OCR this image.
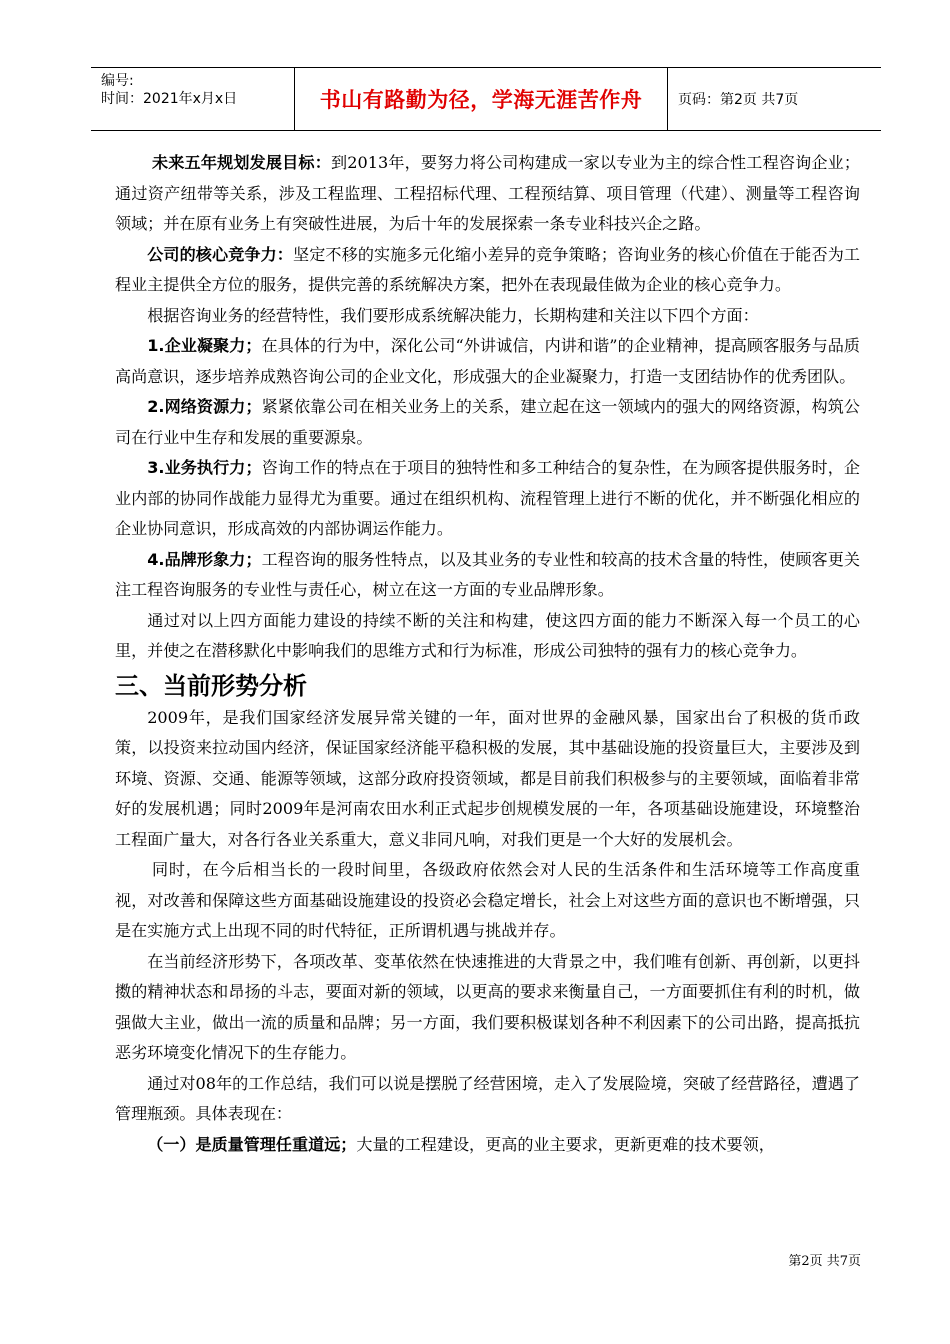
编号:
时间：2021年x月x日	书山有路勤为径，学海无涯苦作舟	页码：第2页 共7页

未来五年规划发展目标：到2013年，要努力将公司构建成一家以专业为主的综合性工程咨询企业；通过资产纽带等关系，涉及工程监理、工程招标代理、工程预结算、项目管理（代建）、测量等工程咨询领域；并在原有业务上有突破性进展，为后十年的发展探索一条专业科技兴企之路。

公司的核心竞争力：坚定不移的实施多元化缩小差异的竞争策略；咨询业务的核心价值在于能否为工程业主提供全方位的服务，提供完善的系统解决方案，把外在表现最佳做为企业的核心竞争力。

根据咨询业务的经营特性，我们要形成系统解决能力，长期构建和关注以下四个方面：

1.企业凝聚力；在具体的行为中，深化公司“外讲诚信，内讲和谐”的企业精神，提高顾客服务与品质高尚意识，逐步培养成熟咨询公司的企业文化，形成强大的企业凝聚力，打造一支团结协作的优秀团队。

2.网络资源力；紧紧依靠公司在相关业务上的关系，建立起在这一领域内的强大的网络资源，构筑公司在行业中生存和发展的重要源泉。

3.业务执行力；咨询工作的特点在于项目的独特性和多工种结合的复杂性，在为顾客提供服务时，企业内部的协同作战能力显得尤为重要。通过在组织机构、流程管理上进行不断的优化，并不断强化相应的企业协同意识，形成高效的内部协调运作能力。

4.品牌形象力；工程咨询的服务性特点，以及其业务的专业性和较高的技术含量的特性，使顾客更关注工程咨询服务的专业性与责任心，树立在这一方面的专业品牌形象。

通过对以上四方面能力建设的持续不断的关注和构建，使这四方面的能力不断深入每一个员工的心里，并使之在潜移默化中影响我们的思维方式和行为标准，形成公司独特的强有力的核心竞争力。

三、当前形势分析

2009年，是我们国家经济发展异常关键的一年，面对世界的金融风暴，国家出台了积极的货币政策，以投资来拉动国内经济，保证国家经济能平稳积极的发展，其中基础设施的投资量巨大，主要涉及到环境、资源、交通、能源等领域，这部分政府投资领域，都是目前我们积极参与的主要领域，面临着非常好的发展机遇；同时2009年是河南农田水利正式起步创规模发展的一年，各项基础设施建设，环境整治工程面广量大，对各行各业关系重大，意义非同凡响，对我们更是一个大好的发展机会。

同时，在今后相当长的一段时间里，各级政府依然会对人民的生活条件和生活环境等工作高度重视，对改善和保障这些方面基础设施建设的投资必会稳定增长，社会上对这些方面的意识也不断增强，只是在实施方式上出现不同的时代特征，正所谓机遇与挑战并存。

在当前经济形势下，各项改革、变革依然在快速推进的大背景之中，我们唯有创新、再创新，以更抖擞的精神状态和昂扬的斗志，要面对新的领域，以更高的要求来衡量自己，一方面要抓住有利的时机，做强做大主业，做出一流的质量和品牌；另一方面，我们要积极谋划各种不利因素下的公司出路，提高抵抗恶劣环境变化情况下的生存能力。

通过对08年的工作总结，我们可以说是摆脱了经营困境，走入了发展险境，突破了经营路径，遭遇了管理瓶颈。具体表现在：

（一）是质量管理任重道远；大量的工程建设，更高的业主要求，更新更难的技术要领，

第2页 共7页
